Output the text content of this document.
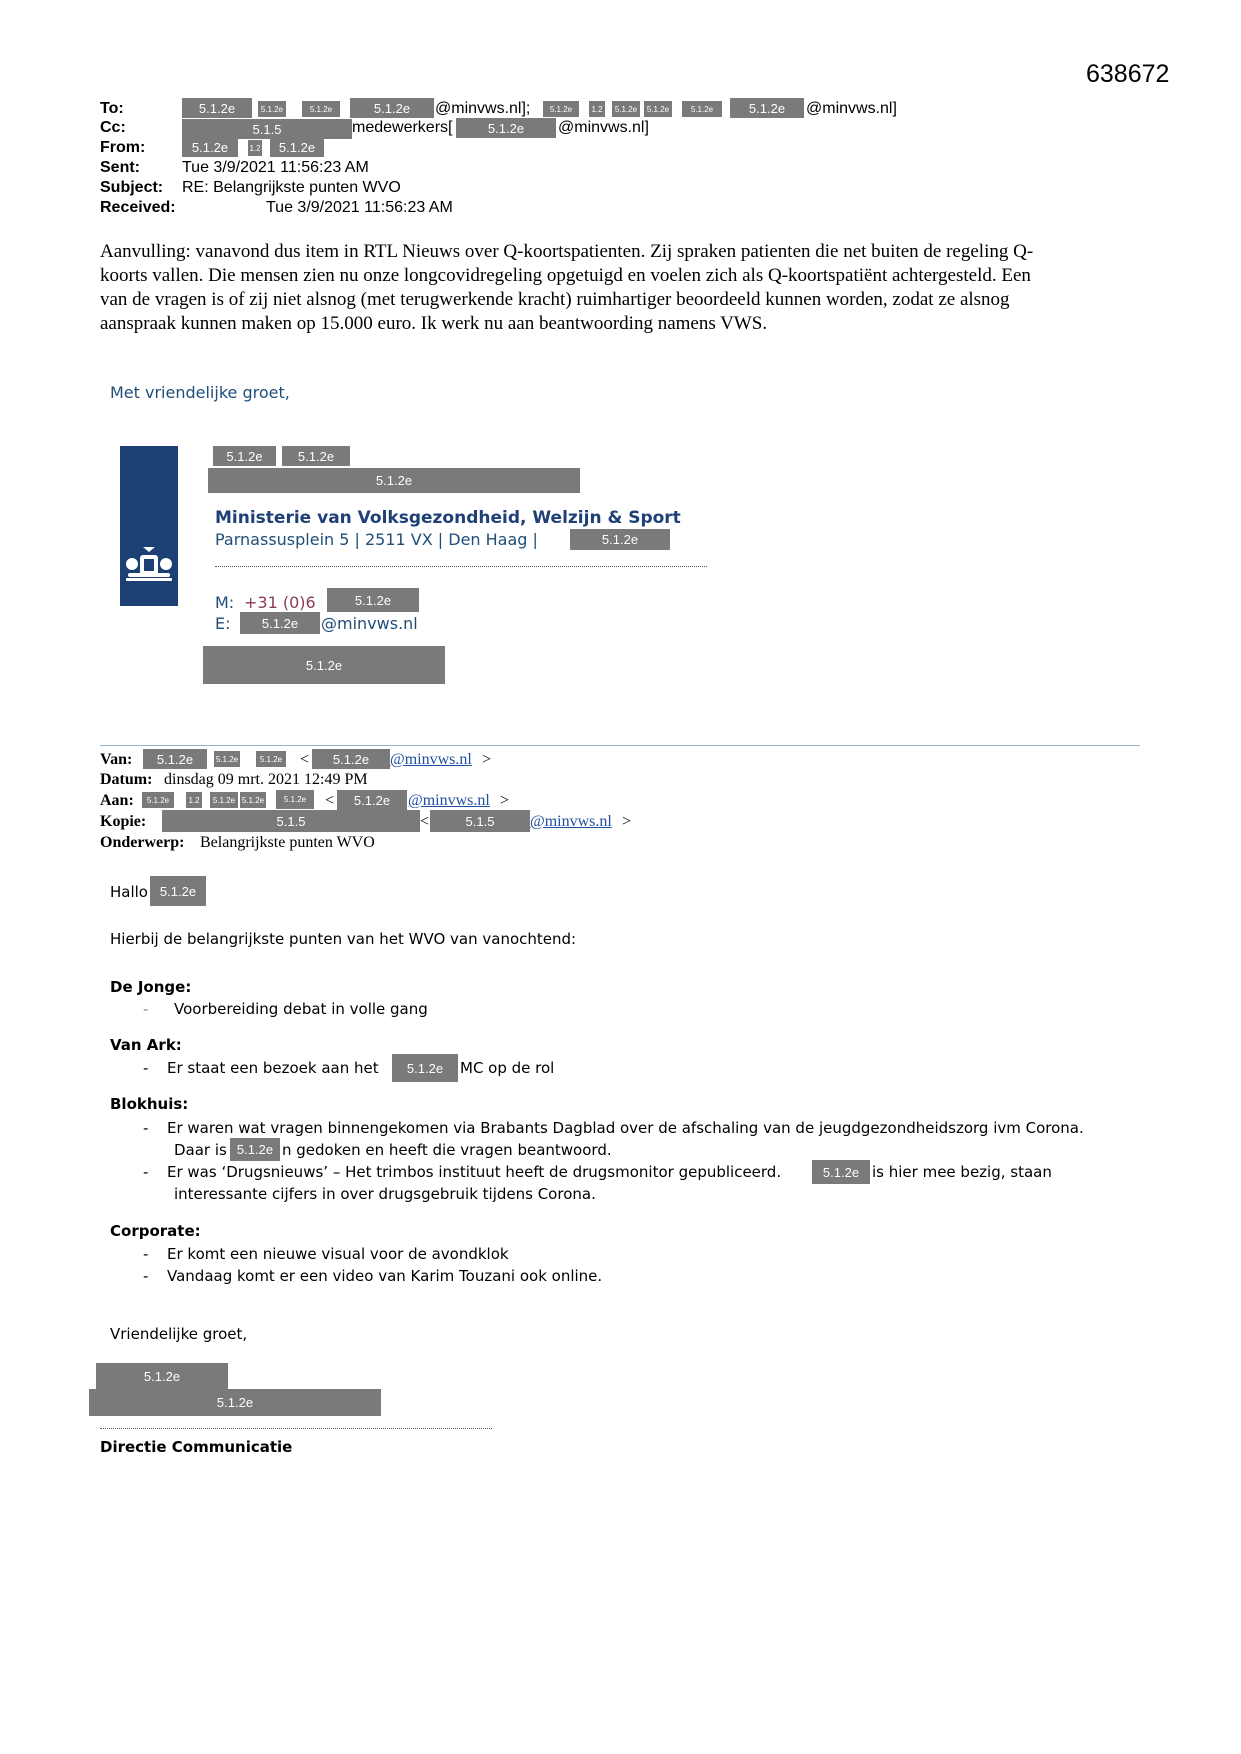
638672
To:	5.1.2e	5.1.2e	5.1.2e	5.1.2e	@minvws.nl];	5.1.2e	1.2	5.1.2e	5.1.2e	5.1.2e	5.1.2e	@minvws.nl]
Cc:	5.1.5	medewerkers[	5.1.2e	@minvws.nl]
From:	5.1.2e	1.2	5.1.2e
Sent:	Tue 3/9/2021 11:56:23 AM
Subject: RE: Belangrijkste punten WVO
Received:	Tue 3/9/2021 11:56:23 AM
Aanvulling: vanavond dus item in RTL Nieuws over Q-koortspatienten. Zij spraken patienten die net buiten de regeling Q-
koorts vallen. Die mensen zien nu onze longcovidregeling opgetuigd en voelen zich als Q-koortspatiënt achtergesteld. Een
van de vragen is of zij niet alsnog (met terugwerkende kracht) ruimhartiger beoordeeld kunnen worden, zodat ze alsnog
aanspraak kunnen maken op 15.000 euro. Ik werk nu aan beantwoording namens VWS.
Met vriendelijke groet,
5.1.2e	5.1.2e
5.1.2e
Ministerie van Volksgezondheid, Welzijn & Sport
Parnassusplein 5 | 2511 VX | Den Haag |	5.1.2e
M: +31 (0)6	5.1.2e
E:	5.1.2e	@minvws.nl
5.1.2e
Van:	5.1.2e	5.1.2e	5.1.2e <	5.1.2e	@minvws.nl >
Datum: dinsdag 09 mrt. 2021 12:49 PM
Aan:	5.1.2e	1.2	5.1.2e 5.1.2e	5.1.2e	<	5.1.2e	@minvws.nl >
Kopie:	5.1.5	<	5.1.5	@minvws.nl >
Onderwerp: Belangrijkste punten WVO
Hallo 5.1.2e
Hierbij de belangrijkste punten van het WVO van vanochtend:
De Jonge:
- Voorbereiding debat in volle gang
Van Ark:
- Er staat een bezoek aan het	5.1.2e	MC op de rol
Blokhuis:
- Er waren wat vragen binnengekomen via Brabants Dagblad over de afschaling van de jeugdgezondheidszorg ivm Corona.
Daar is 5.1.2e n gedoken en heeft die vragen beantwoord.
- Er was ‘Drugsnieuws’ – Het trimbos instituut heeft de drugsmonitor gepubliceerd.	5.1.2e is hier mee bezig, staan
interessante cijfers in over drugsgebruik tijdens Corona.
Corporate:
- Er komt een nieuwe visual voor de avondklok
- Vandaag komt er een video van Karim Touzani ook online.
Vriendelijke groet,
5.1.2e
5.1.2e
Directie Communicatie
